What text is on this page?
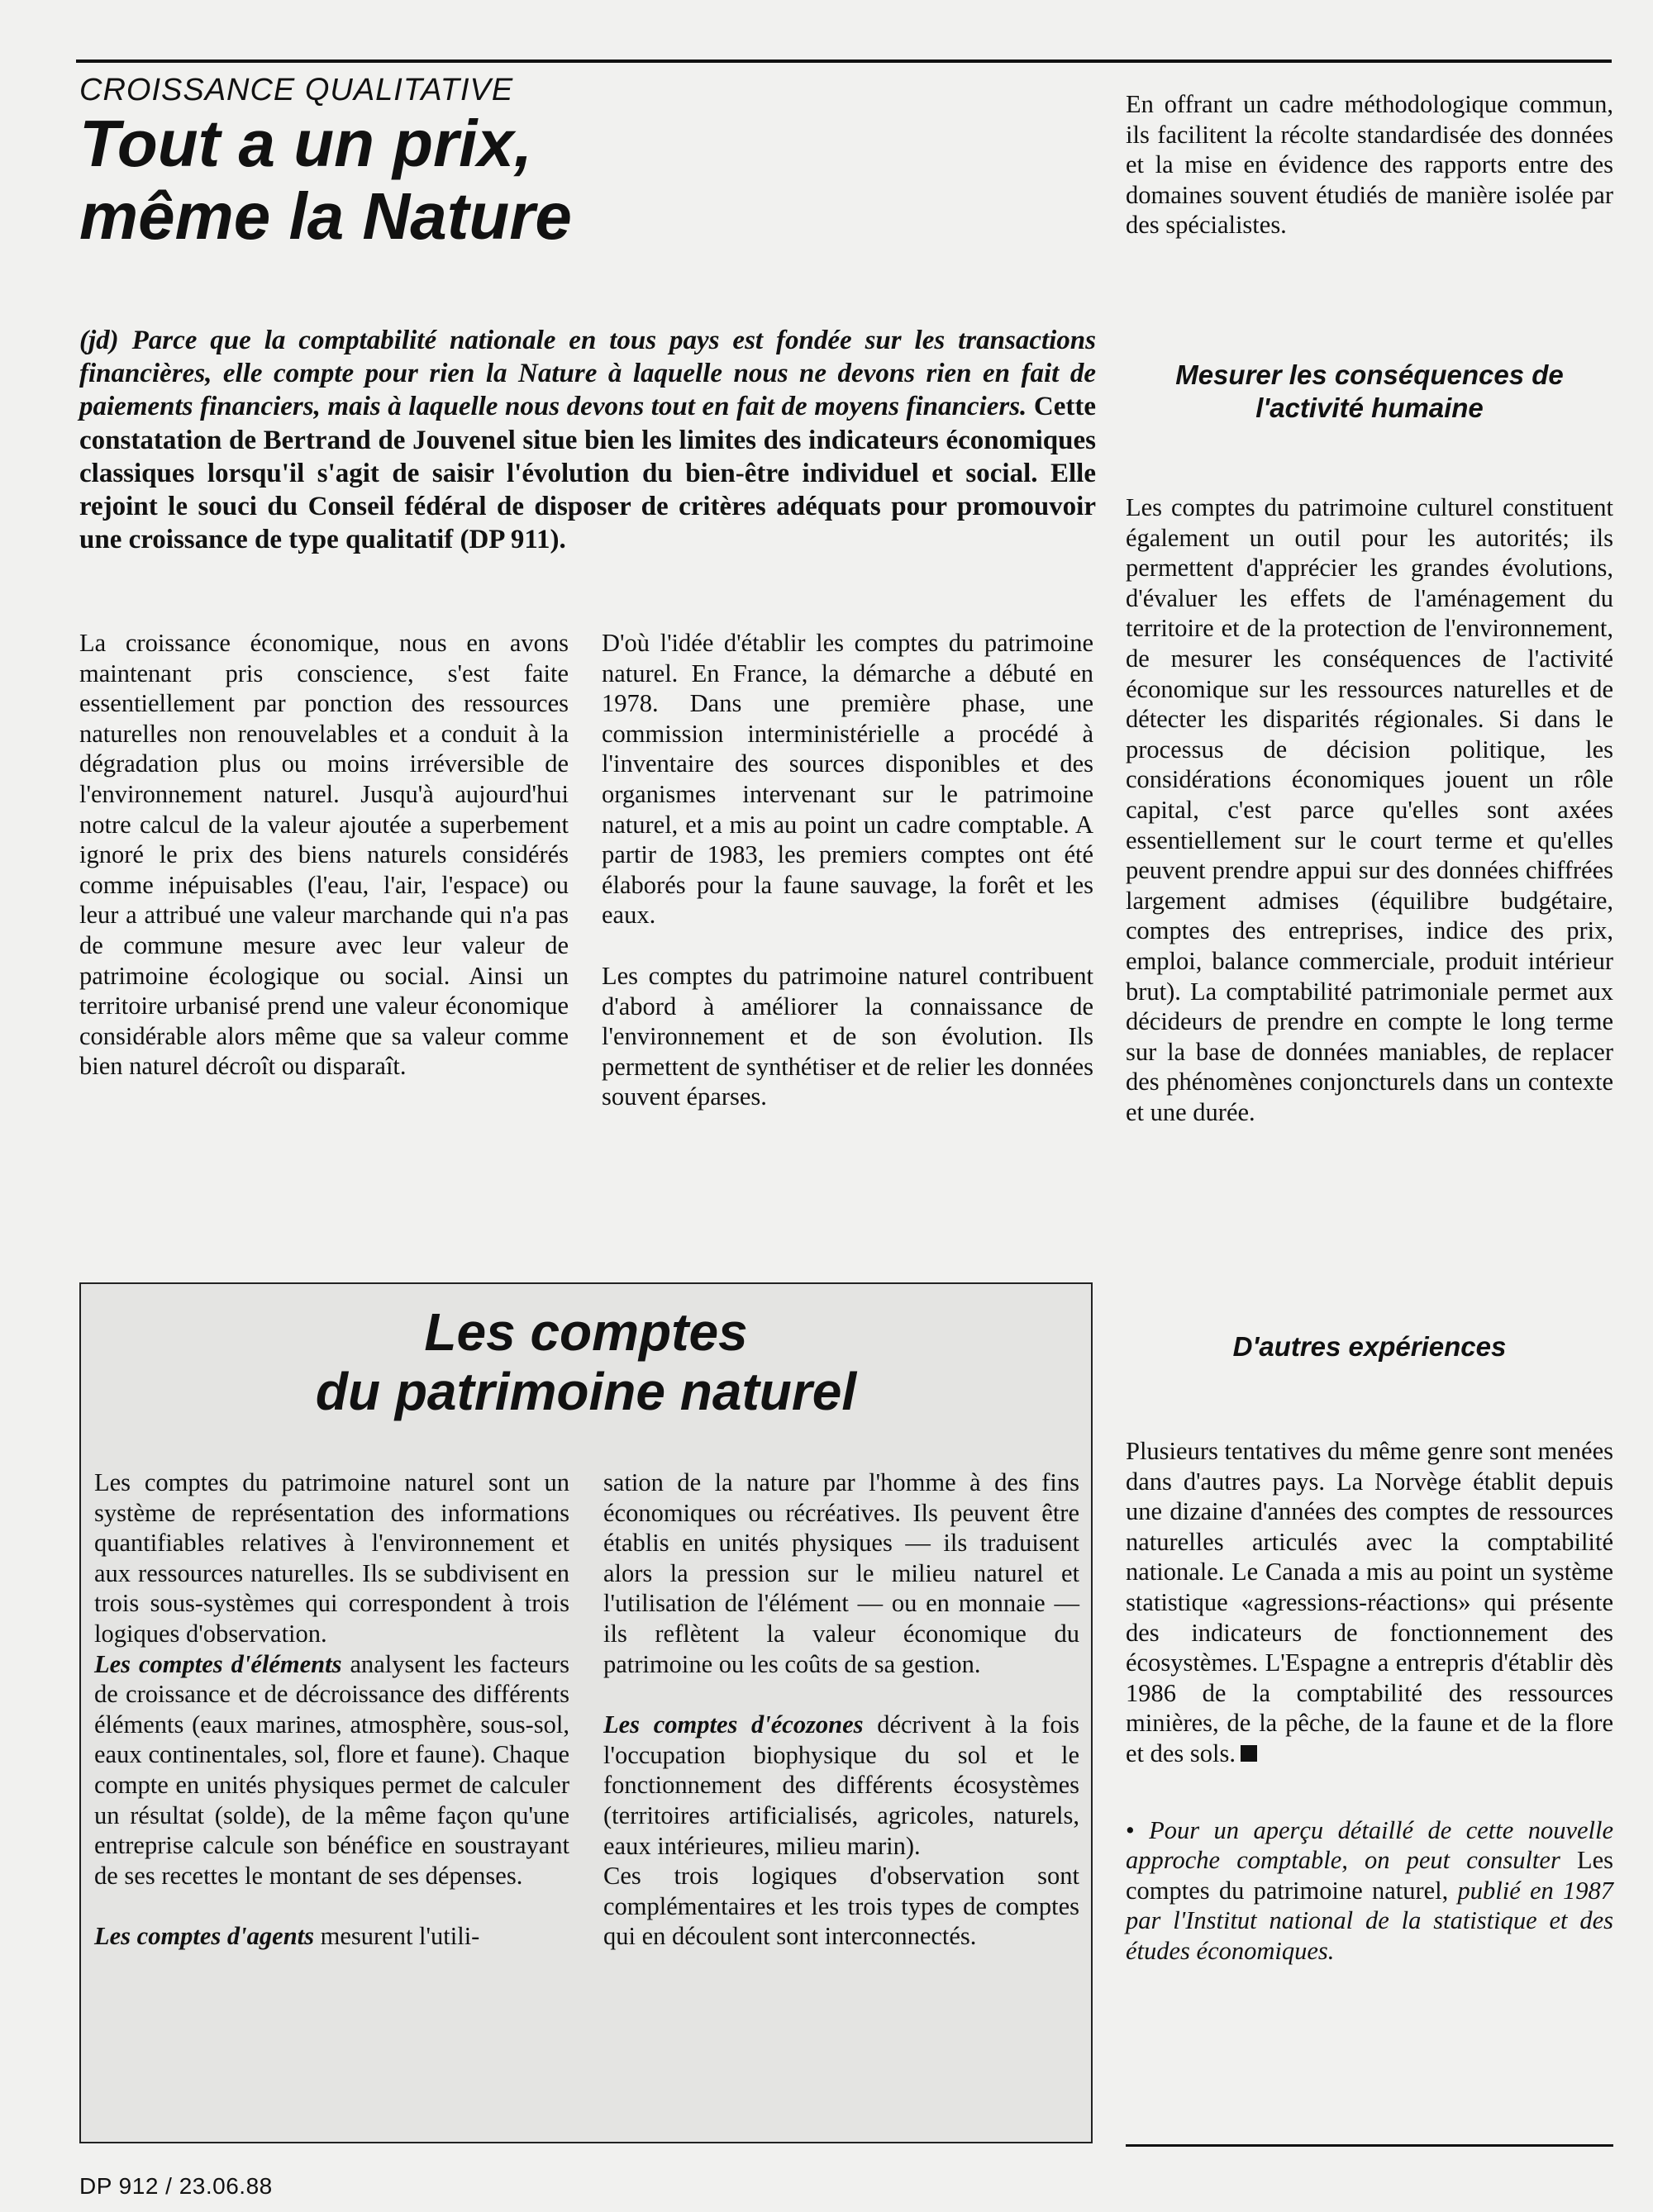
CROISSANCE QUALITATIVE
Tout a un prix,
même la Nature
(jd) Parce que la comptabilité nationale en tous pays est fondée sur les transactions financières, elle compte pour rien la Nature à laquelle nous ne devons rien en fait de paiements financiers, mais à laquelle nous devons tout en fait de moyens financiers. Cette constatation de Bertrand de Jouvenel situe bien les limites des indicateurs économiques classiques lorsqu'il s'agit de saisir l'évolution du bien-être individuel et social. Elle rejoint le souci du Conseil fédéral de disposer de critères adéquats pour promouvoir une croissance de type qualitatif (DP 911).

La croissance économique, nous en avons maintenant pris conscience, s'est faite essentiellement par ponction des ressources naturelles non renouvelables et a conduit à la dégradation plus ou moins irréversible de l'environnement naturel. Jusqu'à aujourd'hui notre calcul de la valeur ajoutée a superbement ignoré le prix des biens naturels considérés comme inépuisables (l'eau, l'air, l'espace) ou leur a attribué une valeur marchande qui n'a pas de commune mesure avec leur valeur de patrimoine écologique ou social. Ainsi un territoire urbanisé prend une valeur économique considérable alors même que sa valeur comme bien naturel décroît ou disparaît.

D'où l'idée d'établir les comptes du patrimoine naturel. En France, la démarche a débuté en 1978. Dans une première phase, une commission interministérielle a procédé à l'inventaire des sources disponibles et des organismes intervenant sur le patrimoine naturel, et a mis au point un cadre comptable. A partir de 1983, les premiers comptes ont été élaborés pour la faune sauvage, la forêt et les eaux.

Les comptes du patrimoine naturel contribuent d'abord à améliorer la connaissance de l'environnement et de son évolution. Ils permettent de synthétiser et de relier les données souvent éparses.

En offrant un cadre méthodologique commun, ils facilitent la récolte standardisée des données et la mise en évidence des rapports entre des domaines souvent étudiés de manière isolée par des spécialistes.

Mesurer les conséquences de l'activité humaine

Les comptes du patrimoine culturel constituent également un outil pour les autorités; ils permettent d'apprécier les grandes évolutions, d'évaluer les effets de l'aménagement du territoire et de la protection de l'environnement, de mesurer les conséquences de l'activité économique sur les ressources naturelles et de détecter les disparités régionales. Si dans le processus de décision politique, les considérations économiques jouent un rôle capital, c'est parce qu'elles sont axées essentiellement sur le court terme et qu'elles peuvent prendre appui sur des données chiffrées largement admises (équilibre budgétaire, comptes des entreprises, indice des prix, emploi, balance commerciale, produit intérieur brut). La comptabilité patrimoniale permet aux décideurs de prendre en compte le long terme sur la base de données maniables, de replacer des phénomènes conjoncturels dans un contexte et une durée.

D'autres expériences

Plusieurs tentatives du même genre sont menées dans d'autres pays. La Norvège établit depuis une dizaine d'années des comptes de ressources naturelles articulés avec la comptabilité nationale. Le Canada a mis au point un système statistique «agressions-réactions» qui présente des indicateurs de fonctionnement des écosystèmes. L'Espagne a entrepris d'établir dès 1986 de la comptabilité des ressources minières, de la pêche, de la faune et de la flore et des sols.

• Pour un aperçu détaillé de cette nouvelle approche comptable, on peut consulter Les comptes du patrimoine naturel, publié en 1987 par l'Institut national de la statistique et des études économiques.

Les comptes
du patrimoine naturel

Les comptes du patrimoine naturel sont un système de représentation des informations quantifiables relatives à l'environnement et aux ressources naturelles. Ils se subdivisent en trois sous-systèmes qui correspondent à trois logiques d'observation.

Les comptes d'éléments analysent les facteurs de croissance et de décroissance des différents éléments (eaux marines, atmosphère, sous-sol, eaux continentales, sol, flore et faune). Chaque compte en unités physiques permet de calculer un résultat (solde), de la même façon qu'une entreprise calcule son bénéfice en soustrayant de ses recettes le montant de ses dépenses.

Les comptes d'agents mesurent l'utili-

sation de la nature par l'homme à des fins économiques ou récréatives. Ils peuvent être établis en unités physiques — ils traduisent alors la pression sur le milieu naturel et l'utilisation de l'élément — ou en monnaie — ils reflètent la valeur économique du patrimoine ou les coûts de sa gestion.

Les comptes d'écozones décrivent à la fois l'occupation biophysique du sol et le fonctionnement des différents écosystèmes (territoires artificialisés, agricoles, naturels, eaux intérieures, milieu marin).

Ces trois logiques d'observation sont complémentaires et les trois types de comptes qui en découlent sont interconnectés.

DP 912 / 23.06.88
